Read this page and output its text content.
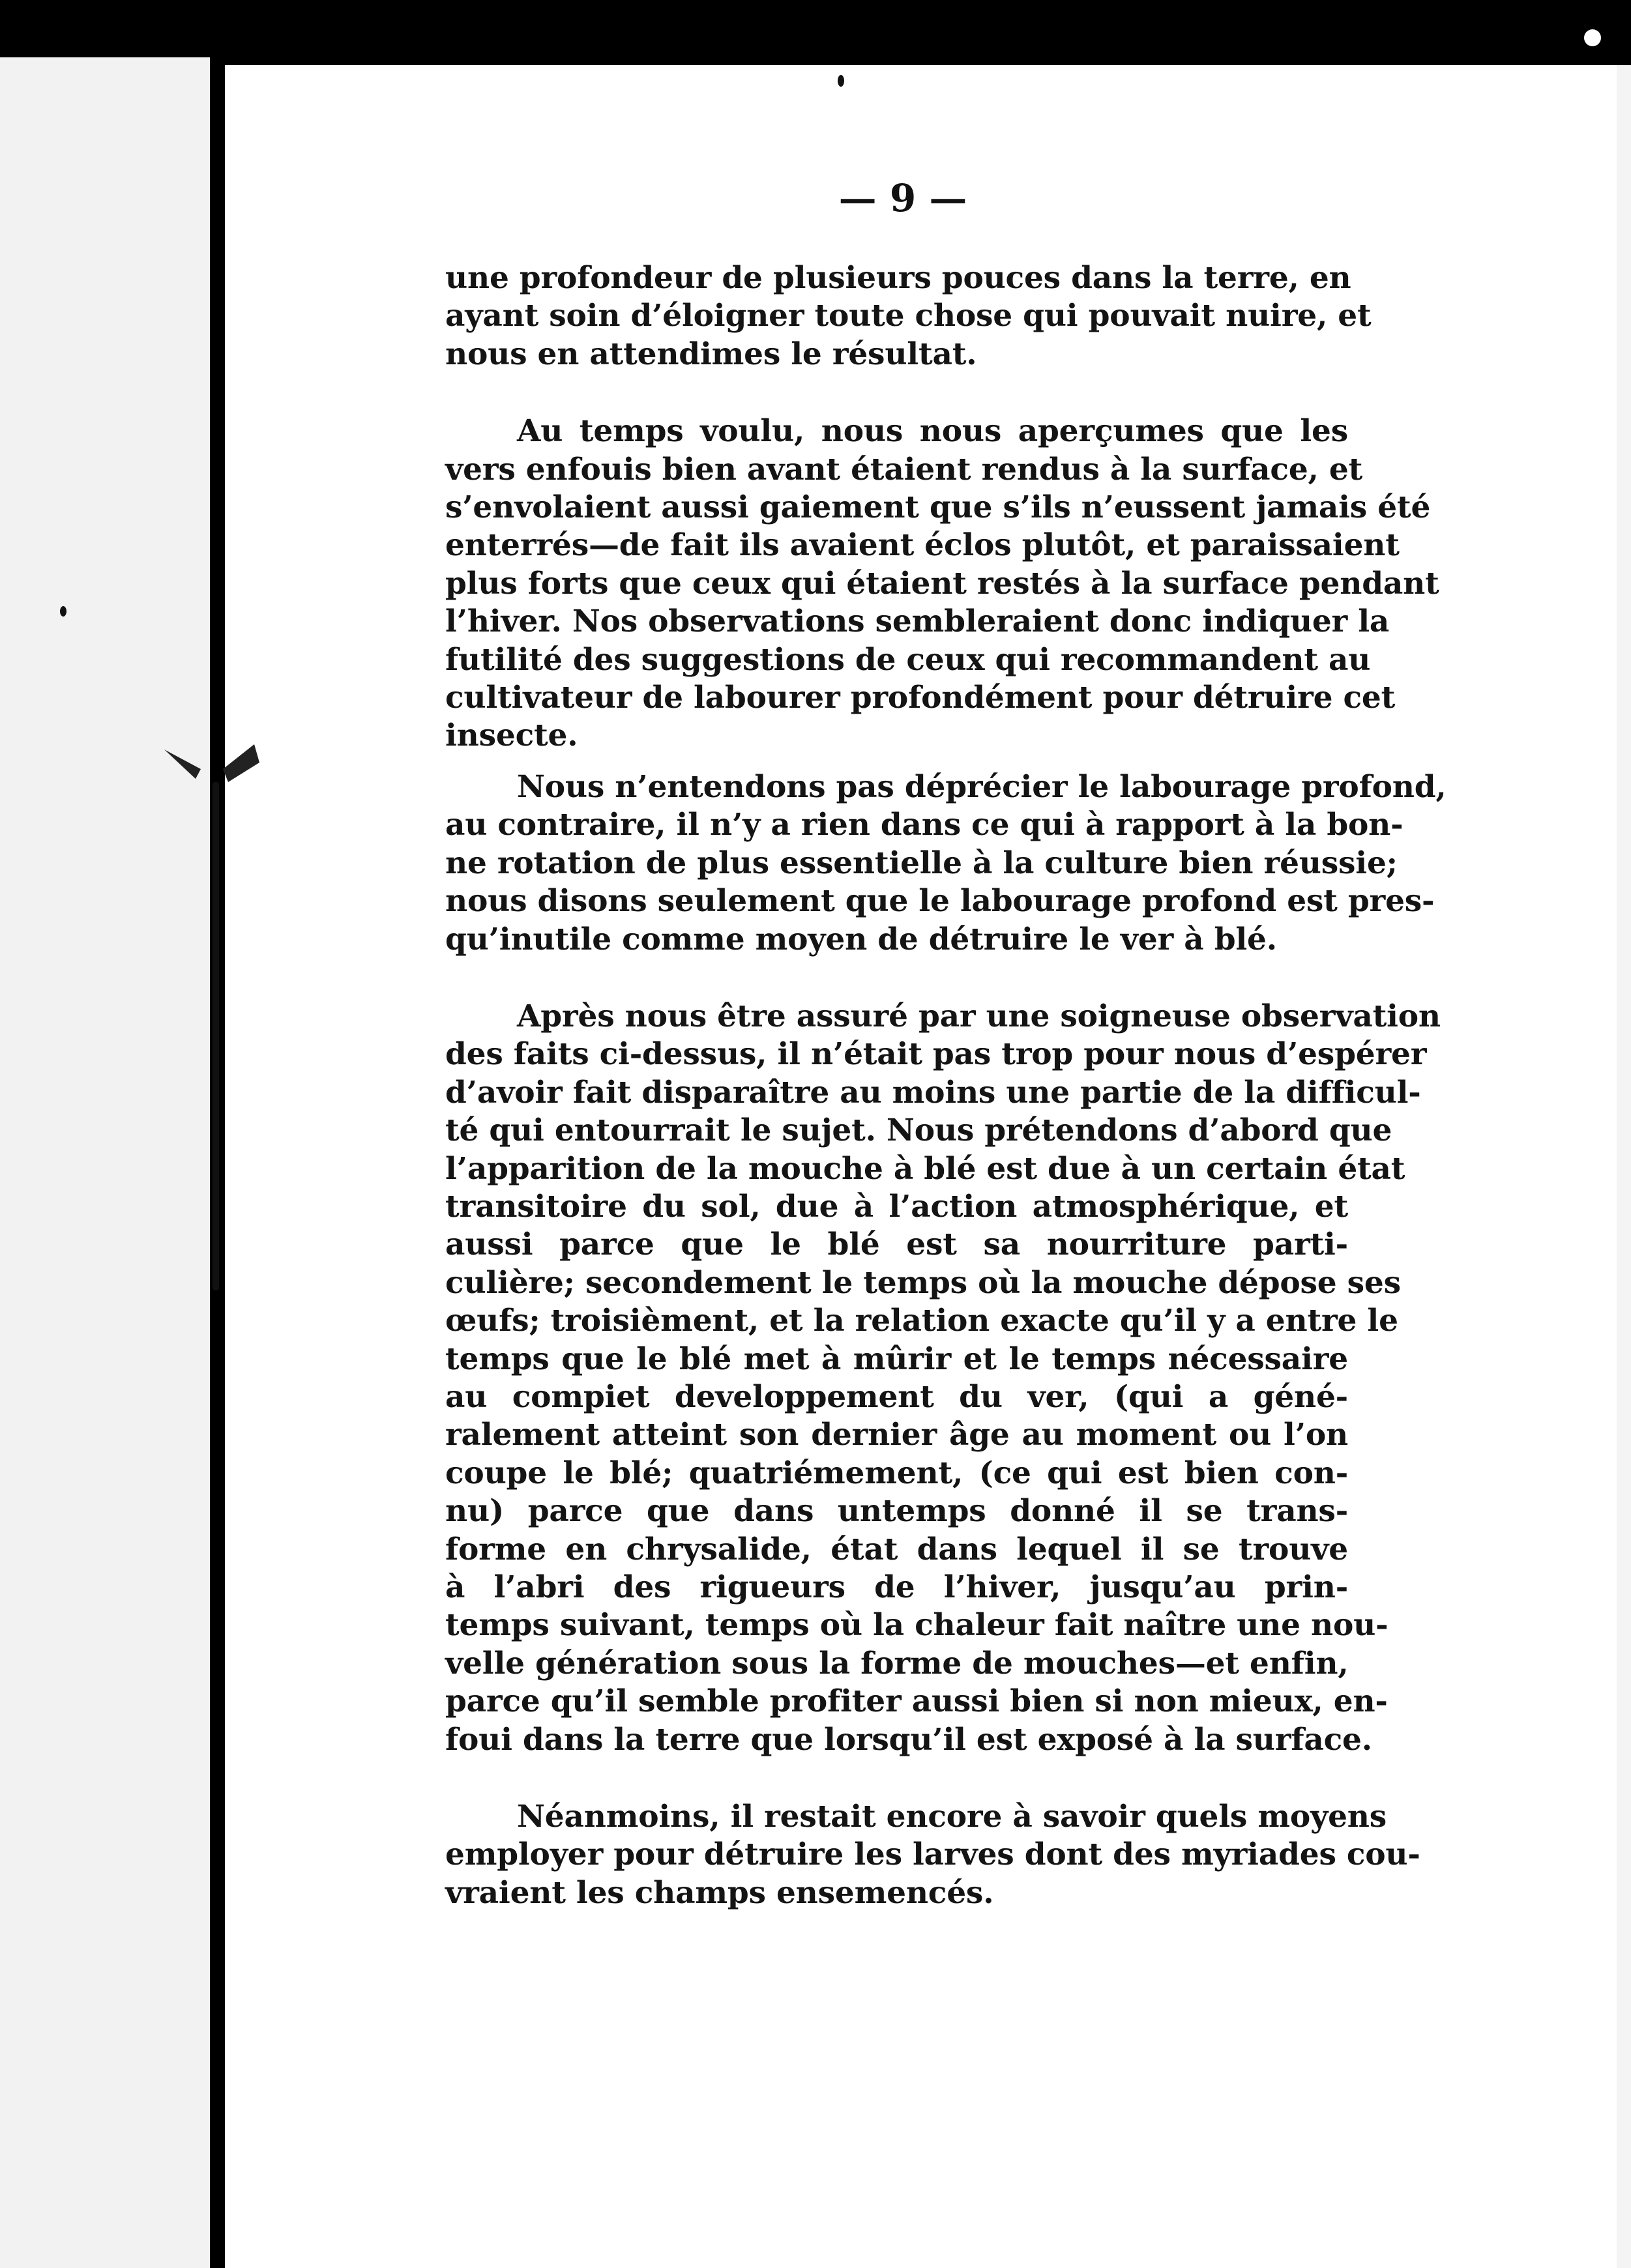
— 9 —
une profondeur de plusieurs pouces dans la terre, en
ayant soin d’éloigner toute chose qui pouvait nuire, et
nous en attendimes le résultat.
Au temps voulu, nous nous aperçumes que les
vers enfouis bien avant étaient rendus à la surface, et
s’envolaient aussi gaiement que s’ils n’eussent jamais été
enterrés—de fait ils avaient éclos plutôt, et paraissaient
plus forts que ceux qui étaient restés à la surface pendant
l’hiver. Nos observations sembleraient donc indiquer la
futilité des suggestions de ceux qui recommandent au
cultivateur de labourer profondément pour détruire cet
insecte.
Nous n’entendons pas déprécier le labourage profond,
au contraire, il n’y a rien dans ce qui à rapport à la bon-
ne rotation de plus essentielle à la culture bien réussie;
nous disons seulement que le labourage profond est pres-
qu’inutile comme moyen de détruire le ver à blé.
Après nous être assuré par une soigneuse observation
des faits ci-dessus, il n’était pas trop pour nous d’espérer
d’avoir fait disparaître au moins une partie de la difficul-
té qui entourrait le sujet. Nous prétendons d’abord que
l’apparition de la mouche à blé est due à un certain état
transitoire du sol, due à l’action atmosphérique, et
aussi parce que le blé est sa nourriture parti-
culière; secondement le temps où la mouche dépose ses
œufs; troisièment, et la relation exacte qu’il y a entre le
temps que le blé met à mûrir et le temps nécessaire
au compiet developpement du ver, (qui a géné-
ralement atteint son dernier âge au moment ou l’on
coupe le blé; quatriémement, (ce qui est bien con-
nu) parce que dans untemps donné il se trans-
forme en chrysalide, état dans lequel il se trouve
à l’abri des rigueurs de l’hiver, jusqu’au prin-
temps suivant, temps où la chaleur fait naître une nou-
velle génération sous la forme de mouches—et enfin,
parce qu’il semble profiter aussi bien si non mieux, en-
foui dans la terre que lorsqu’il est exposé à la surface.
Néanmoins, il restait encore à savoir quels moyens
employer pour détruire les larves dont des myriades cou-
vraient les champs ensemencés.
